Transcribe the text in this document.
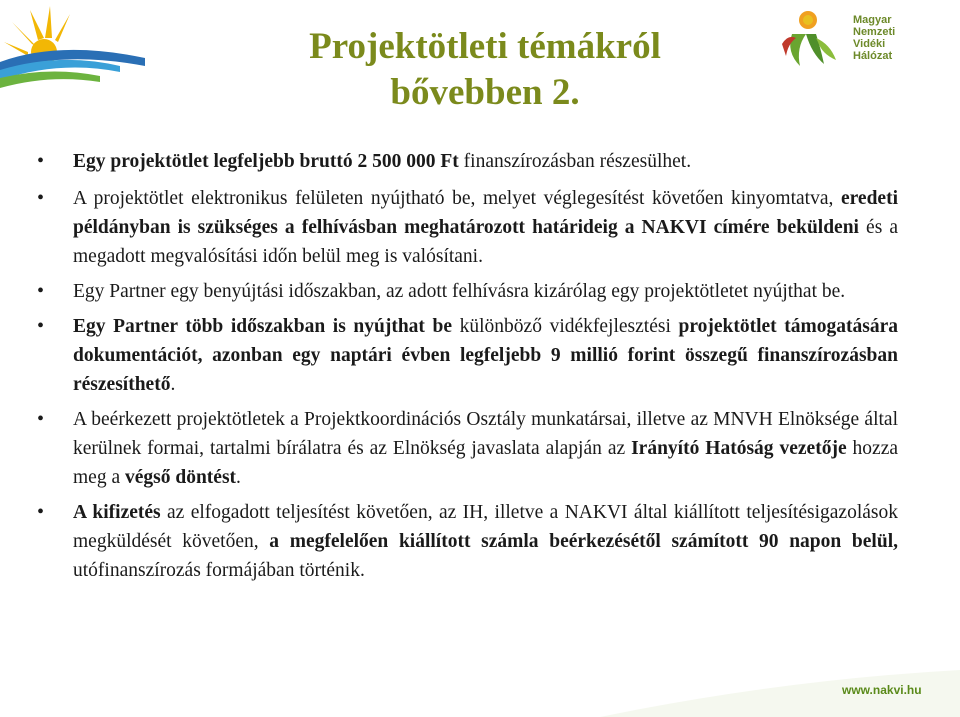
Magyar
Nemzeti
Vidéki
Hálózat
Projektötleti témákról
bővebben 2.
• Egy projektötlet legfeljebb bruttó 2 500 000 Ft finanszírozásban részesülhet.
• A projektötlet elektronikus felületen nyújtható be, melyet véglegesítést követően kinyomtatva, eredeti példányban is szükséges a felhívásban meghatározott határideig a NAKVI címére beküldeni és a megadott megvalósítási időn belül meg is valósítani.
• Egy Partner egy benyújtási időszakban, az adott felhívásra kizárólag egy projektötletet nyújthat be.
• Egy Partner több időszakban is nyújthat be különböző vidékfejlesztési projektötlet támogatására dokumentációt, azonban egy naptári évben legfeljebb 9 millió forint összegű finanszírozásban részesíthető.
• A beérkezett projektötletek a Projektkoordinációs Osztály munkatársai, illetve az MNVH Elnöksége által kerülnek formai, tartalmi bírálatra és az Elnökség javaslata alapján az Irányító Hatóság vezetője hozza meg a végső döntést.
• A kifizetés az elfogadott teljesítést követően, az IH, illetve a NAKVI által kiállított teljesítésigazolások megküldését követően, a megfelelően kiállított számla beérkezésétől számított 90 napon belül, utófinanszírozás formájában történik.
www.nakvi.hu
